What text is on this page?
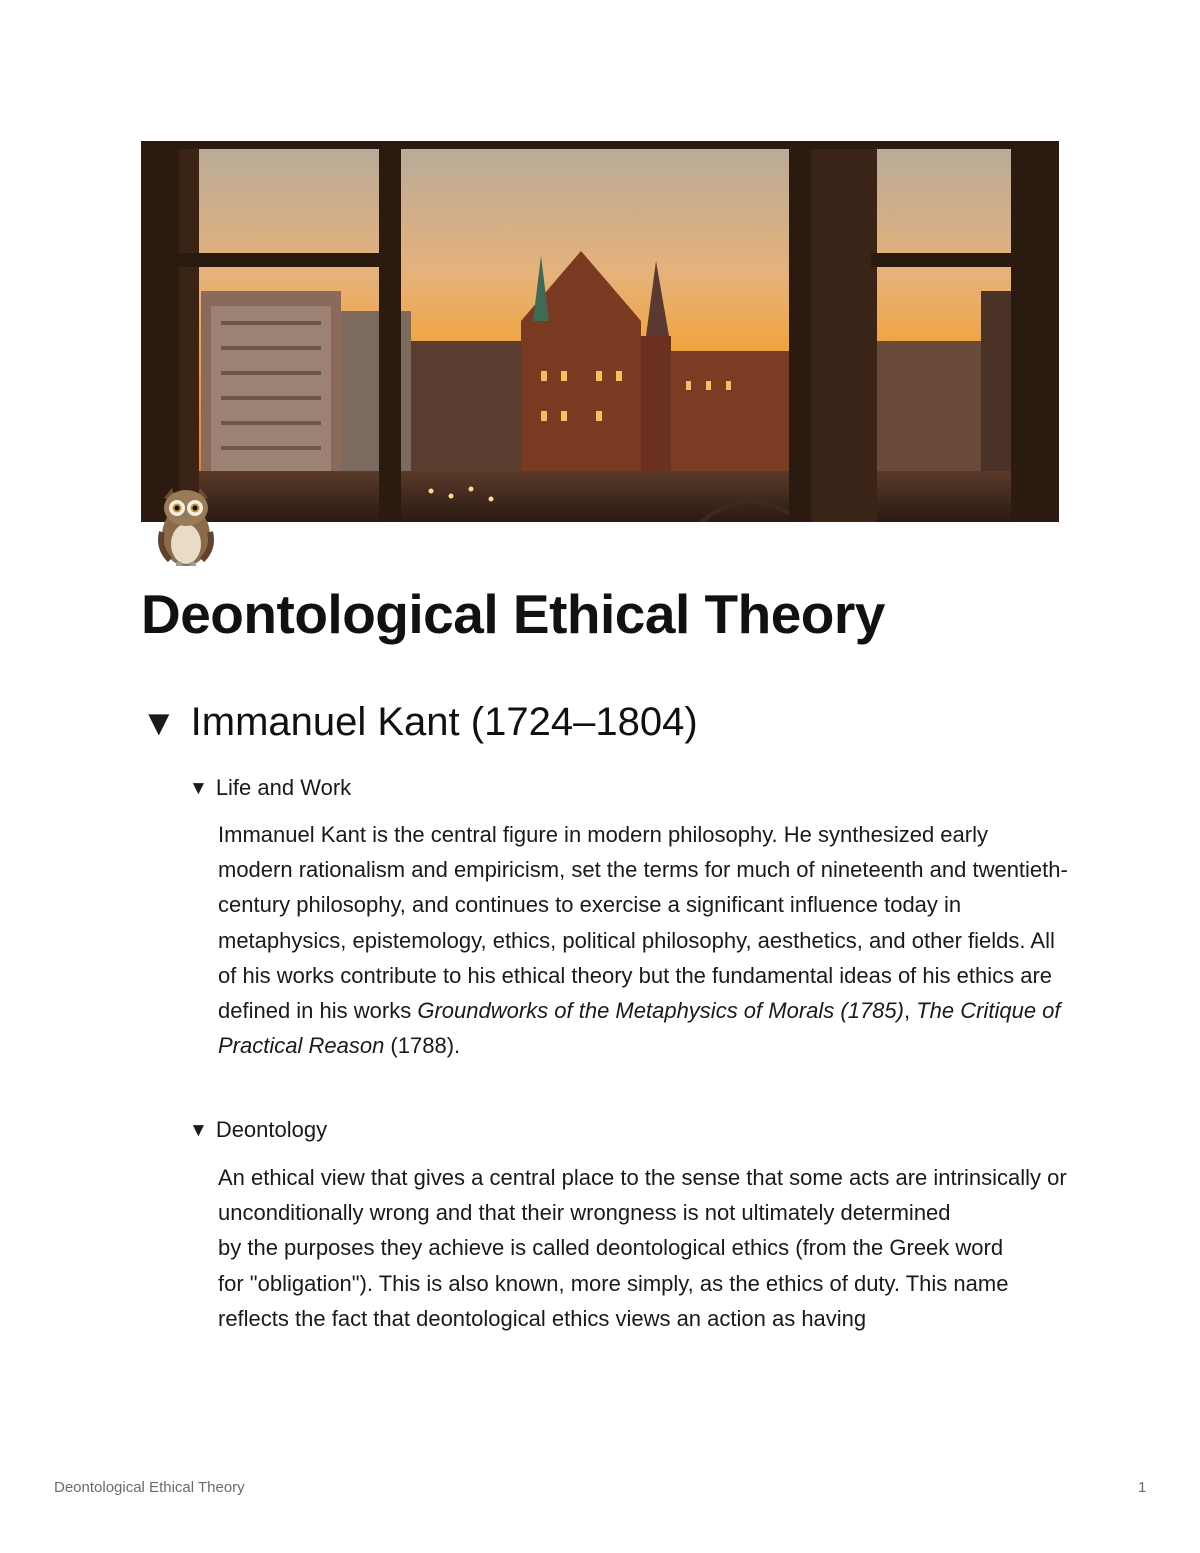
Deontological Ethical Theory
▼ Immanuel Kant (1724–1804)
▼ Life and Work
Immanuel Kant is the central figure in modern philosophy. He synthesized early modern rationalism and empiricism, set the terms for much of nineteenth and twentieth-century philosophy, and continues to exercise a significant influence today in metaphysics, epistemology, ethics, political philosophy, aesthetics, and other fields. All of his works contribute to his ethical theory but the fundamental ideas of his ethics are defined in his works Groundworks of the Metaphysics of Morals (1785), The Critique of Practical Reason (1788).
▼ Deontology

An ethical view that gives a central place to the sense that some acts are intrinsically or unconditionally wrong and that their wrongness is not ultimately determined

by the purposes they achieve is called deontological ethics (from the Greek word

for "obligation"). This is also known, more simply, as the ethics of duty. This name reflects the fact that deontological ethics views an action as having

Deontological Ethical Theory	1
